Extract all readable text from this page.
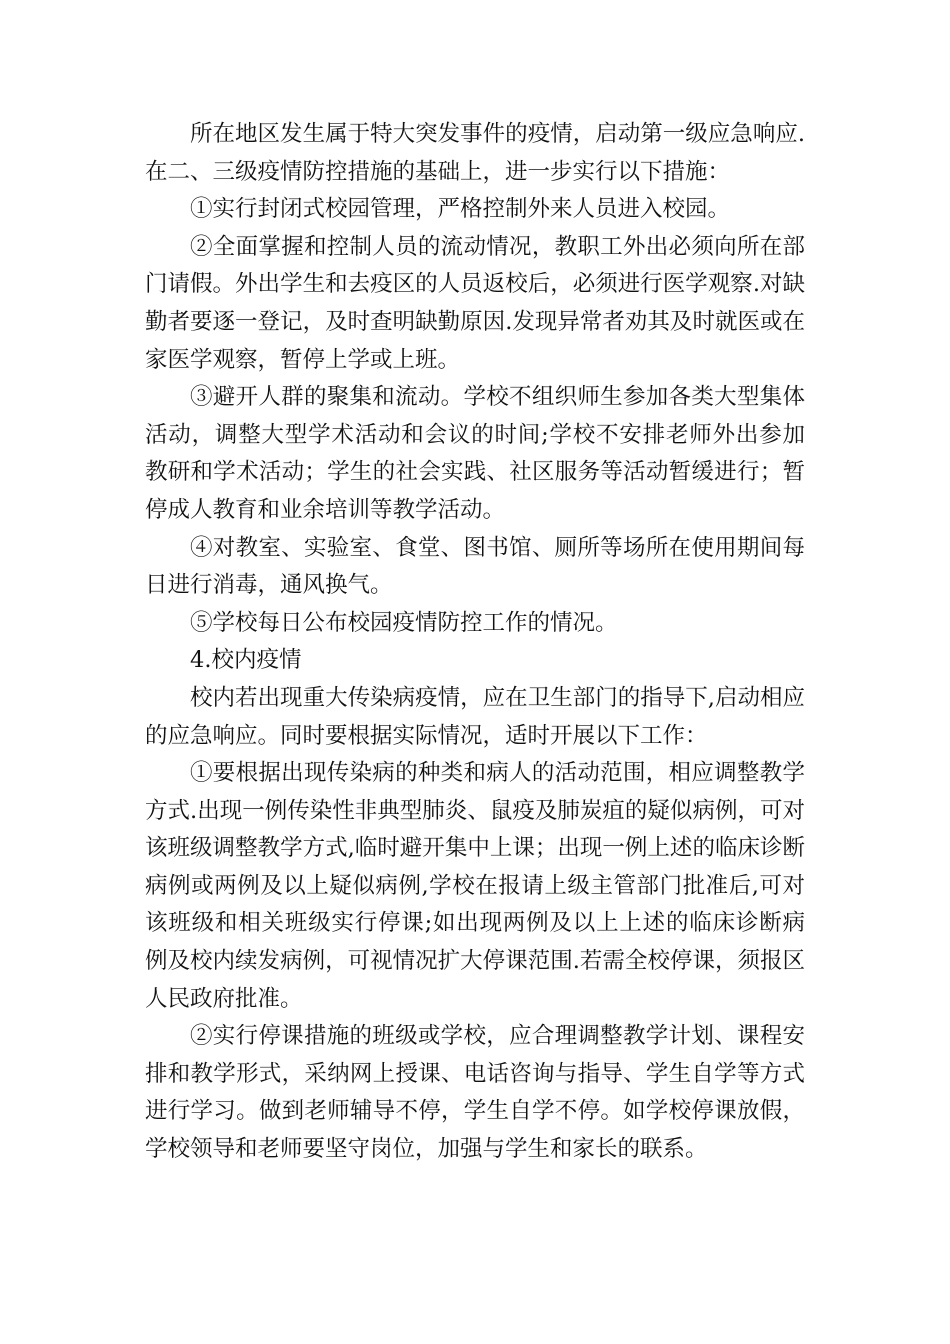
所在地区发生属于特大突发事件的疫情，启动第一级应急响应.在二、三级疫情防控措施的基础上，进一步实行以下措施：

①实行封闭式校园管理，严格控制外来人员进入校园。

②全面掌握和控制人员的流动情况，教职工外出必须向所在部门请假。外出学生和去疫区的人员返校后，必须进行医学观察.对缺勤者要逐一登记，及时查明缺勤原因.发现异常者劝其及时就医或在家医学观察，暂停上学或上班。

③避开人群的聚集和流动。学校不组织师生参加各类大型集体活动，调整大型学术活动和会议的时间;学校不安排老师外出参加教研和学术活动；学生的社会实践、社区服务等活动暂缓进行；暂停成人教育和业余培训等教学活动。

④对教室、实验室、食堂、图书馆、厕所等场所在使用期间每日进行消毒，通风换气。

⑤学校每日公布校园疫情防控工作的情况。

4.校内疫情

校内若出现重大传染病疫情，应在卫生部门的指导下,启动相应的应急响应。同时要根据实际情况，适时开展以下工作：

①要根据出现传染病的种类和病人的活动范围，相应调整教学方式.出现一例传染性非典型肺炎、鼠疫及肺炭疽的疑似病例，可对该班级调整教学方式,临时避开集中上课；出现一例上述的临床诊断病例或两例及以上疑似病例,学校在报请上级主管部门批准后,可对该班级和相关班级实行停课;如出现两例及以上上述的临床诊断病例及校内续发病例，可视情况扩大停课范围.若需全校停课，须报区人民政府批准。

②实行停课措施的班级或学校，应合理调整教学计划、课程安排和教学形式，采纳网上授课、电话咨询与指导、学生自学等方式进行学习。做到老师辅导不停，学生自学不停。如学校停课放假，学校领导和老师要坚守岗位，加强与学生和家长的联系。
